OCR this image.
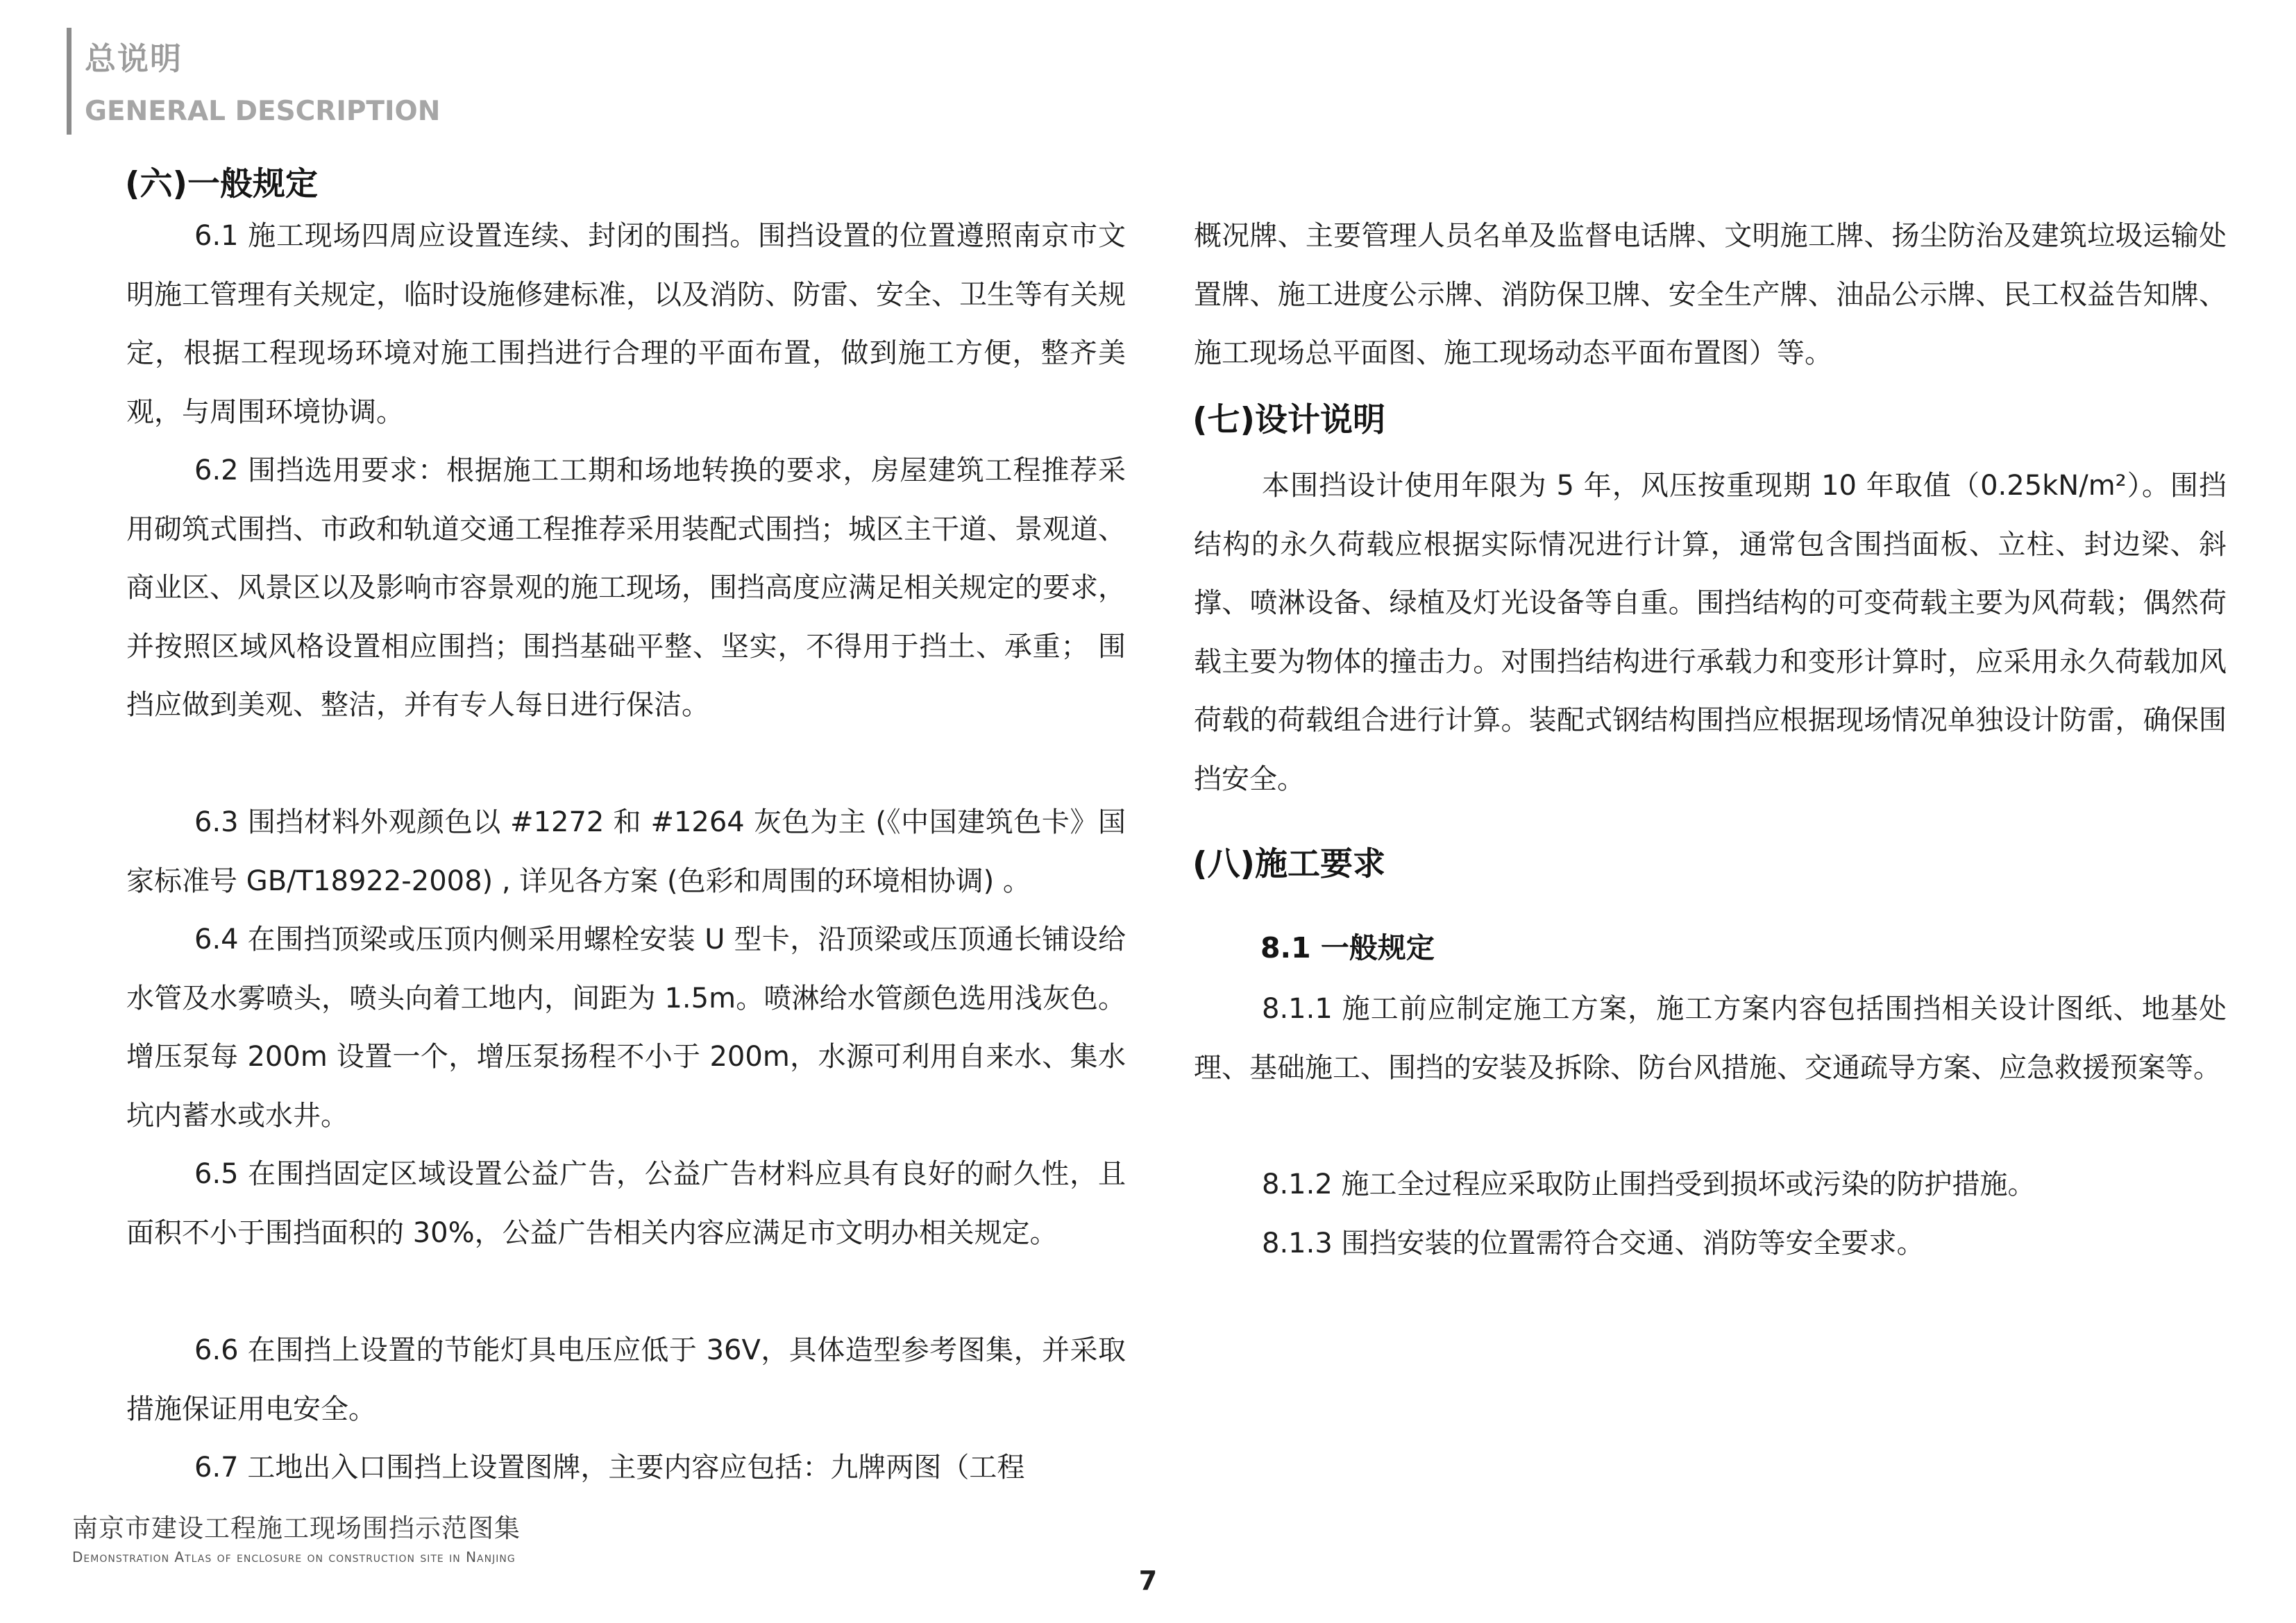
总说明
GENERAL DESCRIPTION
(六)一般规定

6.1 施工现场四周应设置连续、封闭的围挡。围挡设置的位置遵照南京市文明施工管理有关规定，临时设施修建标准，以及消防、防雷、安全、卫生等有关规定，根据工程现场环境对施工围挡进行合理的平面布置，做到施工方便，整齐美观，与周围环境协调。

6.2 围挡选用要求：根据施工工期和场地转换的要求，房屋建筑工程推荐采用砌筑式围挡、市政和轨道交通工程推荐采用装配式围挡；城区主干道、景观道、商业区、风景区以及影响市容景观的施工现场，围挡高度应满足相关规定的要求，并按照区域风格设置相应围挡；围挡基础平整、坚实，不得用于挡土、承重； 围挡应做到美观、整洁，并有专人每日进行保洁。

6.3 围挡材料外观颜色以 #1272 和 #1264 灰色为主 (《中国建筑色卡》国家标准号 GB/T18922-2008) , 详见各方案 (色彩和周围的环境相协调) 。

6.4 在围挡顶梁或压顶内侧采用螺栓安装 U 型卡，沿顶梁或压顶通长铺设给水管及水雾喷头，喷头向着工地内，间距为 1.5m。喷淋给水管颜色选用浅灰色。增压泵每 200m 设置一个，增压泵扬程不小于 200m，水源可利用自来水、集水坑内蓄水或水井。

6.5 在围挡固定区域设置公益广告，公益广告材料应具有良好的耐久性，且面积不小于围挡面积的 30%，公益广告相关内容应满足市文明办相关规定。

6.6 在围挡上设置的节能灯具电压应低于 36V，具体造型参考图集，并采取措施保证用电安全。

6.7 工地出入口围挡上设置图牌，主要内容应包括：九牌两图（工程

概况牌、主要管理人员名单及监督电话牌、文明施工牌、扬尘防治及建筑垃圾运输处置牌、施工进度公示牌、消防保卫牌、安全生产牌、油品公示牌、民工权益告知牌、施工现场总平面图、施工现场动态平面布置图）等。

(七)设计说明

本围挡设计使用年限为 5 年，风压按重现期 10 年取值（0.25kN/m²）。围挡结构的永久荷载应根据实际情况进行计算，通常包含围挡面板、立柱、封边梁、斜撑、喷淋设备、绿植及灯光设备等自重。围挡结构的可变荷载主要为风荷载；偶然荷载主要为物体的撞击力。对围挡结构进行承载力和变形计算时，应采用永久荷载加风荷载的荷载组合进行计算。装配式钢结构围挡应根据现场情况单独设计防雷，确保围挡安全。

(八)施工要求
8.1 一般规定

8.1.1 施工前应制定施工方案，施工方案内容包括围挡相关设计图纸、地基处理、基础施工、围挡的安装及拆除、防台风措施、交通疏导方案、应急救援预案等。

8.1.2 施工全过程应采取防止围挡受到损坏或污染的防护措施。

8.1.3 围挡安装的位置需符合交通、消防等安全要求。

南京市建设工程施工现场围挡示范图集
Demonstration Atlas of enclosure on construction site in Nanjing
7
